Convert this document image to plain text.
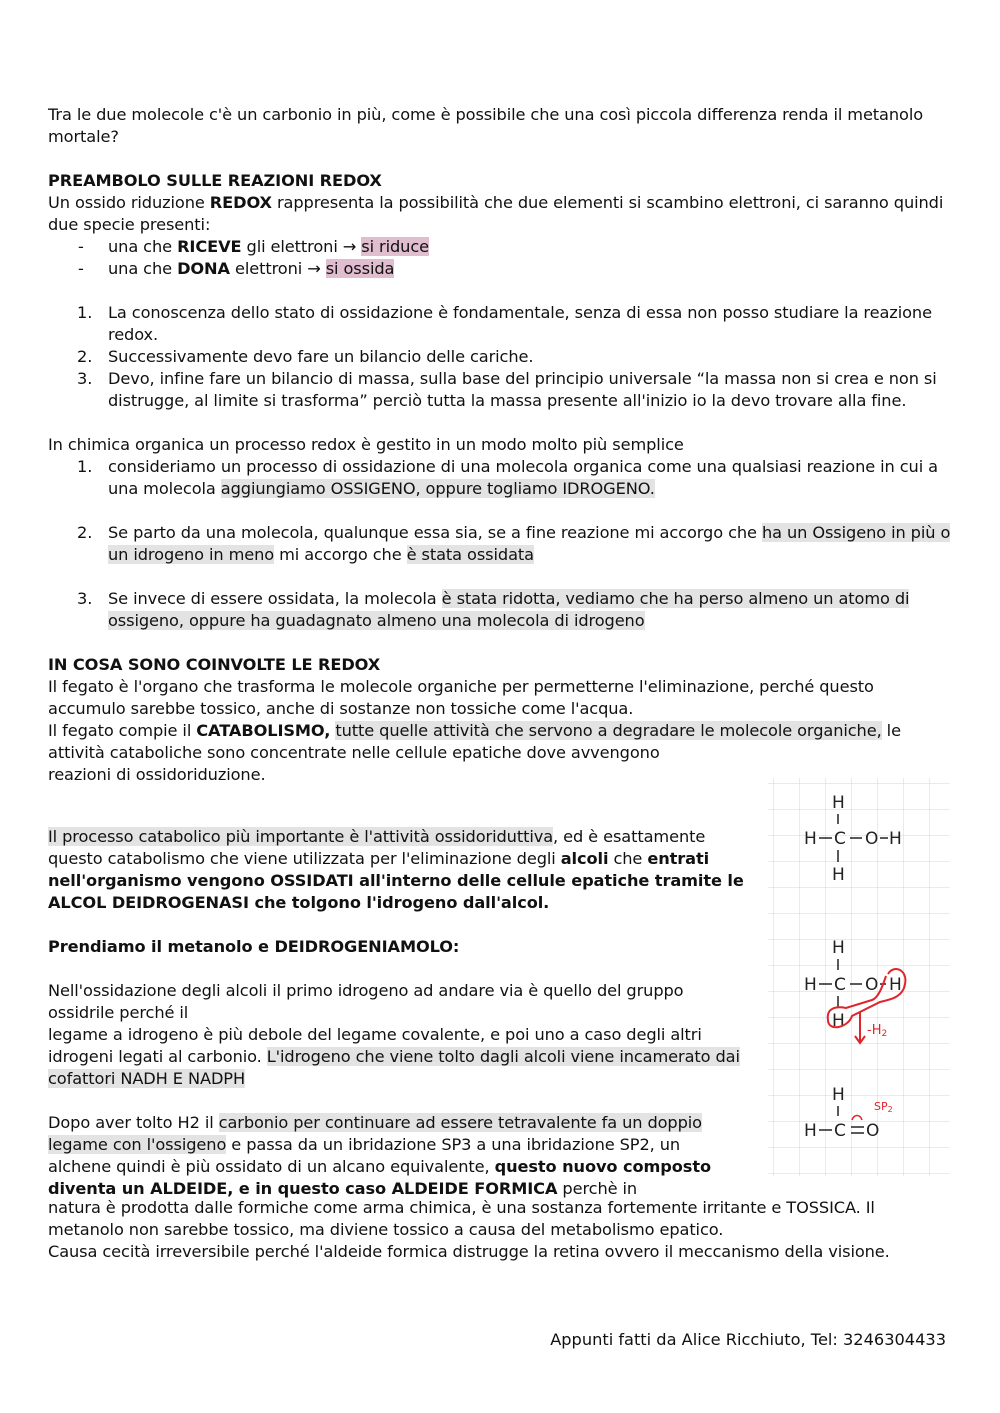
Tra le due molecole c'è un carbonio in più, come è possibile che una così piccola differenza renda il metanolo mortale?

PREAMBOLO SULLE REAZIONI REDOX

Un ossido riduzione REDOX rappresenta la possibilità che due elementi si scambino elettroni, ci saranno quindi due specie presenti:

- una che RICEVE gli elettroni → si riduce

- una che DONA elettroni → si ossida

1. La conoscenza dello stato di ossidazione è fondamentale, senza di essa non posso studiare la reazione redox.

2. Successivamente devo fare un bilancio delle cariche.

3. Devo, infine fare un bilancio di massa, sulla base del principio universale “la massa non si crea e non si distrugge, al limite si trasforma” perciò tutta la massa presente all'inizio io la devo trovare alla fine.

In chimica organica un processo redox è gestito in un modo molto più semplice

1. consideriamo un processo di ossidazione di una molecola organica come una qualsiasi reazione in cui a una molecola aggiungiamo OSSIGENO, oppure togliamo IDROGENO.

2. Se parto da una molecola, qualunque essa sia, se a fine reazione mi accorgo che ha un Ossigeno in più o un idrogeno in meno mi accorgo che è stata ossidata

3. Se invece di essere ossidata, la molecola è stata ridotta, vediamo che ha perso almeno un atomo di ossigeno, oppure ha guadagnato almeno una molecola di idrogeno

IN COSA SONO COINVOLTE LE REDOX

Il fegato è l'organo che trasforma le molecole organiche per permetterne l'eliminazione, perché questo accumulo sarebbe tossico, anche di sostanze non tossiche come l'acqua.

Il fegato compie il CATABOLISMO, tutte quelle attività che servono a degradare le molecole organiche, le attività cataboliche sono concentrate nelle cellule epatiche dove avvengono

reazioni di ossidoriduzione.

Il processo catabolico più importante è l'attività ossidoriduttiva, ed è esattamente questo catabolismo che viene utilizzata per l'eliminazione degli alcoli che entrati nell'organismo vengono OSSIDATI all'interno delle cellule epatiche tramite le ALCOL DEIDROGENASI che tolgono l'idrogeno dall'alcol.

Prendiamo il metanolo e DEIDROGENIAMOLO:

Nell'ossidazione degli alcoli il primo idrogeno ad andare via è quello del gruppo ossidrile perché il

legame a idrogeno è più debole del legame covalente, e poi uno a caso degli altri idrogeni legati al carbonio. L'idrogeno che viene tolto dagli alcoli viene incamerato dai cofattori NADH E NADPH

Dopo aver tolto H2 il carbonio per continuare ad essere tetravalente fa un doppio legame con l'ossigeno e passa da un ibridazione SP3 a una ibridazione SP2, un alchene quindi è più ossidato di un alcano equivalente, questo nuovo composto diventa un ALDEIDE, e in questo caso ALDEIDE FORMICA perchè in

natura è prodotta dalle formiche come arma chimica, è una sostanza fortemente irritante e TOSSICA. Il metanolo non sarebbe tossico, ma diviene tossico a causa del metabolismo epatico.

Causa cecità irreversibile perché l'aldeide formica distrugge la retina ovvero il meccanismo della visione.

H
H C O H
H
H
H C O H
H -H2
H
H C O
SP2
Appunti fatti da Alice Ricchiuto, Tel: 3246304433
